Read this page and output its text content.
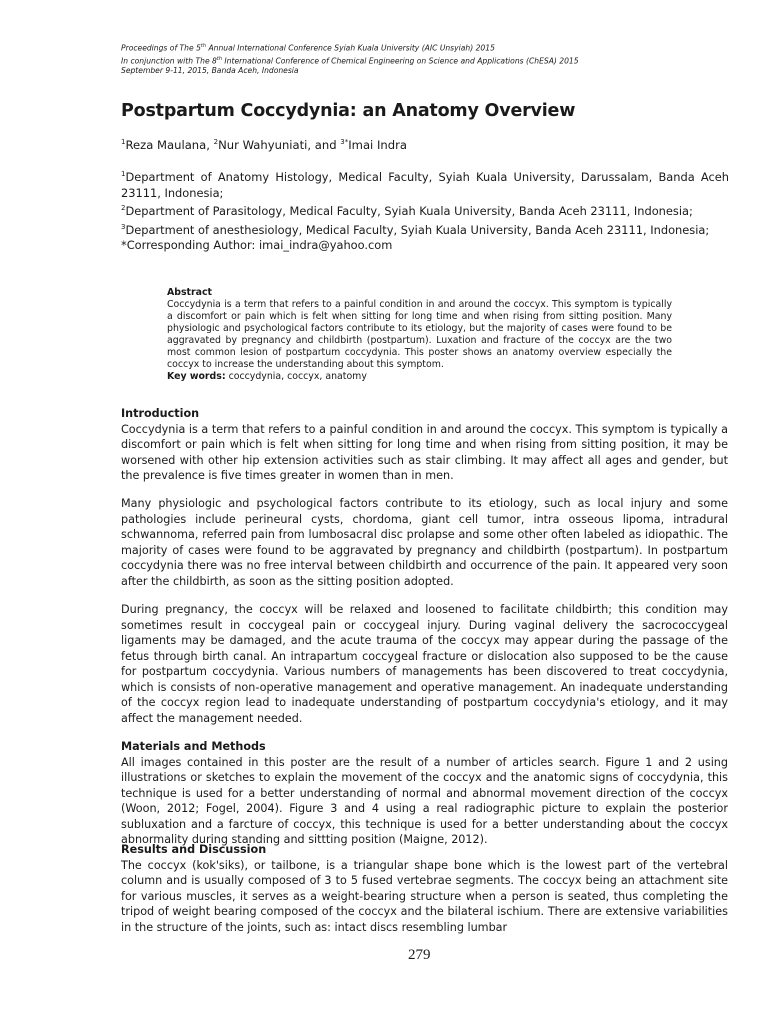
Proceedings of The 5th Annual International Conference Syiah Kuala University (AIC Unsyiah) 2015
In conjunction with The 8th International Conference of Chemical Engineering on Science and Applications (ChESA) 2015
September 9-11, 2015, Banda Aceh, Indonesia
Postpartum Coccydynia: an Anatomy Overview
$^1$Reza Maulana, $^2$Nur Wahyuniati, and $^{3*}$Imai Indra

$^1$Department of Anatomy Histology, Medical Faculty, Syiah Kuala University, Darussalam, Banda Aceh 23111, Indonesia;

$^2$Department of Parasitology, Medical Faculty, Syiah Kuala University, Banda Aceh 23111, Indonesia;

$^3$Department of anesthesiology, Medical Faculty, Syiah Kuala University, Banda Aceh 23111, Indonesia;

*Corresponding Author: imai_indra@yahoo.com

Abstract

Coccydynia is a term that refers to a painful condition in and around the coccyx. This symptom is typically a discomfort or pain which is felt when sitting for long time and when rising from sitting position. Many physiologic and psychological factors contribute to its etiology, but the majority of cases were found to be aggravated by pregnancy and childbirth (postpartum). Luxation and fracture of the coccyx are the two most common lesion of postpartum coccydynia. This poster shows an anatomy overview especially the coccyx to increase the understanding about this symptom.

Key words: coccydynia, coccyx, anatomy

Introduction

Coccydynia is a term that refers to a painful condition in and around the coccyx. This symptom is typically a discomfort or pain which is felt when sitting for long time and when rising from sitting position, it may be worsened with other hip extension activities such as stair climbing. It may affect all ages and gender, but the prevalence is five times greater in women than in men.

Many physiologic and psychological factors contribute to its etiology, such as local injury and some pathologies include perineural cysts, chordoma, giant cell tumor, intra osseous lipoma, intradural schwannoma, referred pain from lumbosacral disc prolapse and some other often labeled as idiopathic. The majority of cases were found to be aggravated by pregnancy and childbirth (postpartum). In postpartum coccydynia there was no free interval between childbirth and occurrence of the pain. It appeared very soon after the childbirth, as soon as the sitting position adopted.

During pregnancy, the coccyx will be relaxed and loosened to facilitate childbirth; this condition may sometimes result in coccygeal pain or coccygeal injury. During vaginal delivery the sacrococcygeal ligaments may be damaged, and the acute trauma of the coccyx may appear during the passage of the fetus through birth canal. An intrapartum coccygeal fracture or dislocation also supposed to be the cause for postpartum coccydynia. Various numbers of managements has been discovered to treat coccydynia, which is consists of non-operative management and operative management. An inadequate understanding of the coccyx region lead to inadequate understanding of postpartum coccydynia's etiology, and it may affect the management needed.

Materials and Methods

All images contained in this poster are the result of a number of articles search. Figure 1 and 2 using illustrations or sketches to explain the movement of the coccyx and the anatomic signs of coccydynia, this technique is used for a better understanding of normal and abnormal movement direction of the coccyx (Woon, 2012; Fogel, 2004). Figure 3 and 4 using a real radiographic picture to explain the posterior subluxation and a farcture of coccyx, this technique is used for a better understanding about the coccyx abnormality during standing and sittting position (Maigne, 2012).

Results and Discussion

The coccyx (kok'siks), or tailbone, is a triangular shape bone which is the lowest part of the vertebral column and is usually composed of 3 to 5 fused vertebrae segments. The coccyx being an attachment site for various muscles, it serves as a weight-bearing structure when a person is seated, thus completing the tripod of weight bearing composed of the coccyx and the bilateral ischium. There are extensive variabilities in the structure of the joints, such as: intact discs resembling lumbar

279
